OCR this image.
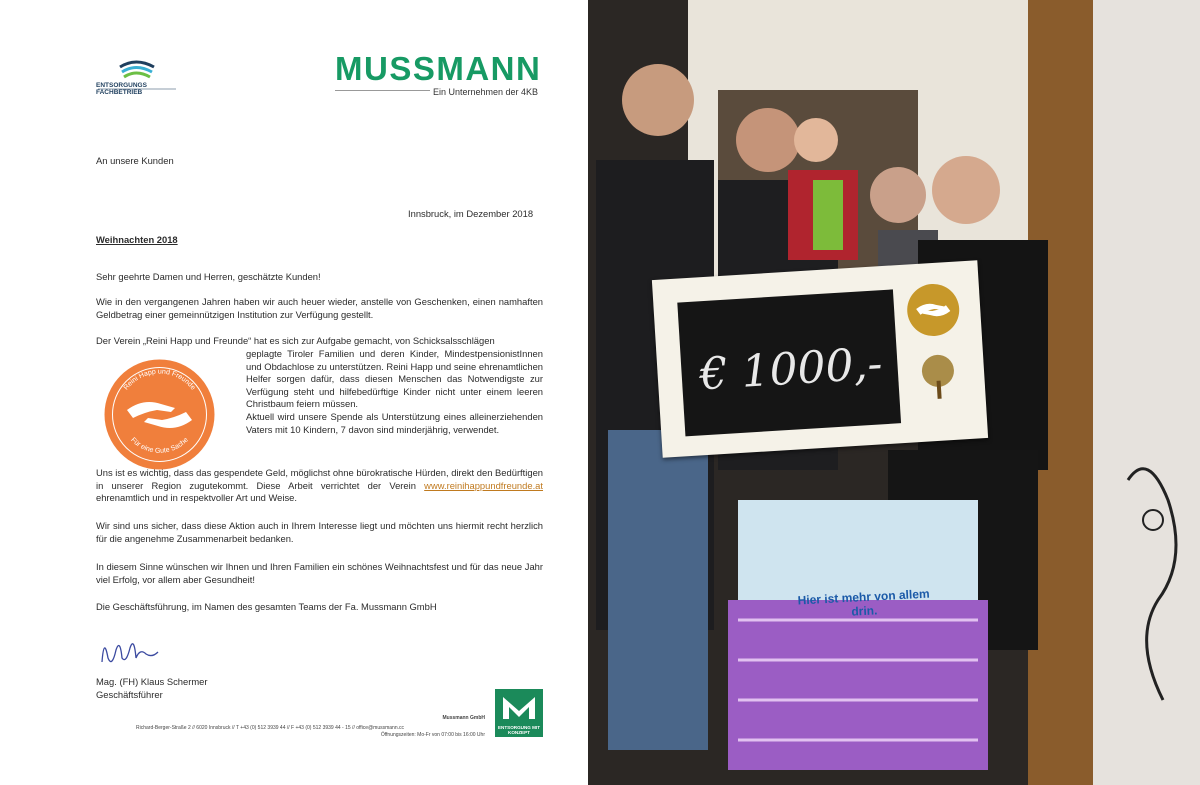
ENTSORGUNGS FACHBETRIEB
MUSSMANN
Ein Unternehmen der 4KB
An unsere Kunden
Innsbruck, im Dezember 2018
Weihnachten 2018
Sehr geehrte Damen und Herren, geschätzte Kunden!
Wie in den vergangenen Jahren haben wir auch heuer wieder, anstelle von Geschenken, einen namhaften Geldbetrag einer gemeinnützigen Institution zur Verfügung gestellt.
Der Verein „Reini Happ und Freunde“ hat es sich zur Aufgabe gemacht, von Schicksalsschlägen
geplagte Tiroler Familien und deren Kinder, MindestpensionistInnen und Obdachlose zu unterstützen. Reini Happ und seine ehrenamtlichen Helfer sorgen dafür, dass diesen Menschen das Notwendigste zur Verfügung steht und hilfebedürftige Kinder nicht unter einem leeren Christbaum feiern müssen.
Aktuell wird unsere Spende als Unterstützung eines alleinerziehenden Vaters mit 10 Kindern, 7 davon sind minderjährig, verwendet.
Reini Happ und Freunde
Für eine Gute Sache
Uns ist es wichtig, dass das gespendete Geld, möglichst ohne bürokratische Hürden, direkt den Bedürftigen in unserer Region zugutekommt. Diese Arbeit verrichtet der Verein www.reinihappundfreunde.at ehrenamtlich und in respektvoller Art und Weise.
Wir sind uns sicher, dass diese Aktion auch in Ihrem Interesse liegt und möchten uns hiermit recht herzlich für die angenehme Zusammenarbeit bedanken.
In diesem Sinne wünschen wir Ihnen und Ihren Familien ein schönes Weihnachtsfest und für das neue Jahr viel Erfolg, vor allem aber Gesundheit!
Die Geschäftsführung, im Namen des gesamten Teams der Fa. Mussmann GmbH
Mag. (FH) Klaus Schermer
Geschäftsführer
Richard-Berger-Straße 2 // 6020 Innsbruck // T +43 (0) 512 3939 44 // F +43 (0) 512 3939 44 - 15 // office@mussmann.cc
Mussmann GmbH
Öffnungszeiten: Mo-Fr von 07:00 bis 16:00 Uhr
ENTSORGUNG MIT KONZEPT
Hier ist mehr von allem drin.
€ 1000,-
